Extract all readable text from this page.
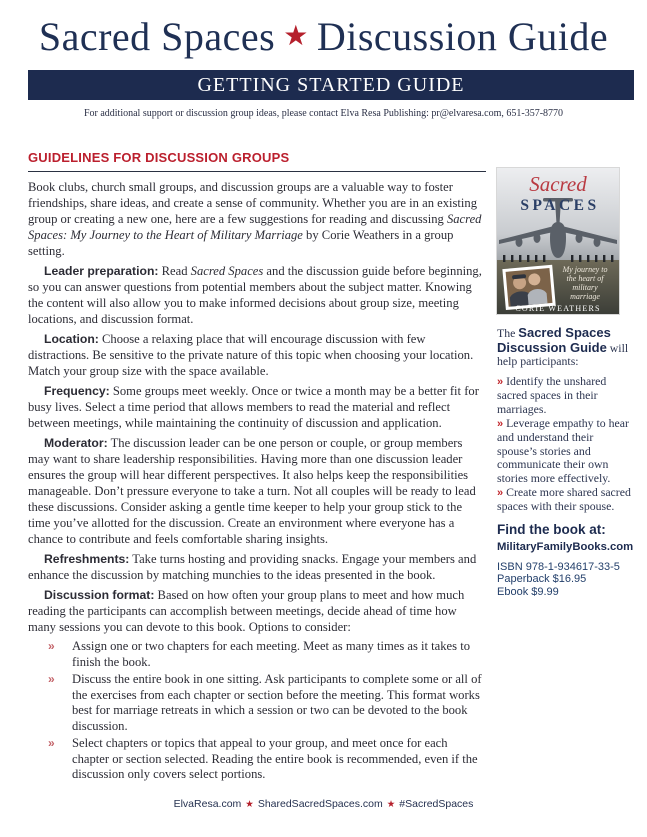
Sacred Spaces ★ Discussion Guide
GETTING STARTED GUIDE
For additional support or discussion group ideas, please contact Elva Resa Publishing: pr@elvaresa.com, 651-357-8770
GUIDELINES FOR DISCUSSION GROUPS

Book clubs, church small groups, and discussion groups are a valuable way to foster friendships, share ideas, and create a sense of community. Whether you are in an existing group or creating a new one, here are a few suggestions for reading and discussing Sacred Spaces: My Journey to the Heart of Military Marriage by Corie Weathers in a group setting.

Leader preparation: Read Sacred Spaces and the discussion guide before beginning, so you can answer questions from potential members about the subject matter. Knowing the content will also allow you to make informed decisions about group size, meeting locations, and discussion format.

Location: Choose a relaxing place that will encourage discussion with few distractions. Be sensitive to the private nature of this topic when choosing your location. Match your group size with the space available.

Frequency: Some groups meet weekly. Once or twice a month may be a better fit for busy lives. Select a time period that allows members to read the material and reflect between meetings, while maintaining the continuity of discussion and application.

Moderator: The discussion leader can be one person or couple, or group members may want to share leadership responsibilities. Having more than one discussion leader ensures the group will hear different perspectives. It also helps keep the responsibilities manageable. Don’t pressure everyone to take a turn. Not all couples will be ready to lead these discussions. Consider asking a gentle time keeper to help your group stick to the time you’ve allotted for the discussion. Create an environment where everyone has a chance to contribute and feels comfortable sharing insights.

Refreshments: Take turns hosting and providing snacks. Engage your members and enhance the discussion by matching munchies to the ideas presented in the book.

Discussion format: Based on how often your group plans to meet and how much reading the participants can accomplish between meetings, decide ahead of time how many sessions you can devote to this book. Options to consider:

» Assign one or two chapters for each meeting. Meet as many times as it takes to finish the book.
» Discuss the entire book in one sitting. Ask participants to complete some or all of the exercises from each chapter or section before the meeting. This format works best for marriage retreats in which a session or two can be devoted to the book discussion.
» Select chapters or topics that appeal to your group, and meet once for each chapter or section selected. Reading the entire book is recommended, even if the discussion only covers select portions.
Sacred
SPACES
My journey to
the heart of
military
marriage
CORIE WEATHERS

The Sacred Spaces Discussion Guide will help participants:

» Identify the unshared sacred spaces in their marriages.

» Leverage empathy to hear and understand their spouse’s stories and communicate their own stories more effectively.

» Create more shared sacred spaces with their spouse.

Find the book at:

MilitaryFamilyBooks.com

ISBN 978-1-934617-33-5

Paperback $16.95

Ebook $9.99

ElvaResa.com ★ SharedSacredSpaces.com ★ #SacredSpaces
